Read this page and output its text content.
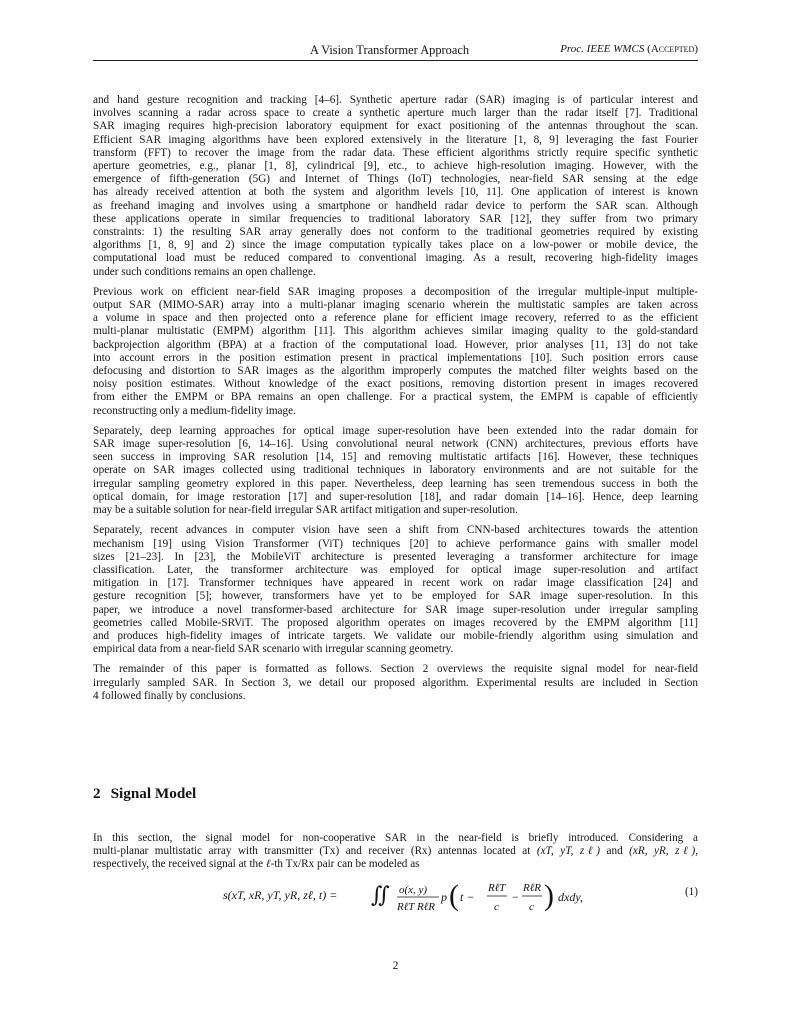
A Vision Transformer Approach	Proc. IEEE WMCS (Accepted)
and hand gesture recognition and tracking [4–6]. Synthetic aperture radar (SAR) imaging is of particular interest and
involves scanning a radar across space to create a synthetic aperture much larger than the radar itself [7]. Traditional
SAR imaging requires high-precision laboratory equipment for exact positioning of the antennas throughout the scan.
Efficient SAR imaging algorithms have been explored extensively in the literature [1, 8, 9] leveraging the fast Fourier
transform (FFT) to recover the image from the radar data. These efficient algorithms strictly require specific synthetic
aperture geometries, e.g., planar [1, 8], cylindrical [9], etc., to achieve high-resolution imaging. However, with the
emergence of fifth-generation (5G) and Internet of Things (IoT) technologies, near-field SAR sensing at the edge
has already received attention at both the system and algorithm levels [10, 11]. One application of interest is known
as freehand imaging and involves using a smartphone or handheld radar device to perform the SAR scan. Although
these applications operate in similar frequencies to traditional laboratory SAR [12], they suffer from two primary
constraints: 1) the resulting SAR array generally does not conform to the traditional geometries required by existing
algorithms [1, 8, 9] and 2) since the image computation typically takes place on a low-power or mobile device, the
computational load must be reduced compared to conventional imaging. As a result, recovering high-fidelity images
under such conditions remains an open challenge.
Previous work on efficient near-field SAR imaging proposes a decomposition of the irregular multiple-input multiple-
output SAR (MIMO-SAR) array into a multi-planar imaging scenario wherein the multistatic samples are taken across
a volume in space and then projected onto a reference plane for efficient image recovery, referred to as the efficient
multi-planar multistatic (EMPM) algorithm [11]. This algorithm achieves similar imaging quality to the gold-standard
backprojection algorithm (BPA) at a fraction of the computational load. However, prior analyses [11, 13] do not take
into account errors in the position estimation present in practical implementations [10]. Such position errors cause
defocusing and distortion to SAR images as the algorithm improperly computes the matched filter weights based on the
noisy position estimates. Without knowledge of the exact positions, removing distortion present in images recovered
from either the EMPM or BPA remains an open challenge. For a practical system, the EMPM is capable of efficiently
reconstructing only a medium-fidelity image.
Separately, deep learning approaches for optical image super-resolution have been extended into the radar domain for
SAR image super-resolution [6, 14–16]. Using convolutional neural network (CNN) architectures, previous efforts have
seen success in improving SAR resolution [14, 15] and removing multistatic artifacts [16]. However, these techniques
operate on SAR images collected using traditional techniques in laboratory environments and are not suitable for the
irregular sampling geometry explored in this paper. Nevertheless, deep learning has seen tremendous success in both the
optical domain, for image restoration [17] and super-resolution [18], and radar domain [14–16]. Hence, deep learning
may be a suitable solution for near-field irregular SAR artifact mitigation and super-resolution.
Separately, recent advances in computer vision have seen a shift from CNN-based architectures towards the attention
mechanism [19] using Vision Transformer (ViT) techniques [20] to achieve performance gains with smaller model
sizes [21–23]. In [23], the MobileViT architecture is presented leveraging a transformer architecture for image
classification. Later, the transformer architecture was employed for optical image super-resolution and artifact
mitigation in [17]. Transformer techniques have appeared in recent work on radar image classification [24] and
gesture recognition [5]; however, transformers have yet to be employed for SAR image super-resolution. In this
paper, we introduce a novel transformer-based architecture for SAR image super-resolution under irregular sampling
geometries called Mobile-SRViT. The proposed algorithm operates on images recovered by the EMPM algorithm [11]
and produces high-fidelity images of intricate targets. We validate our mobile-friendly algorithm using simulation and
empirical data from a near-field SAR scenario with irregular scanning geometry.
The remainder of this paper is formatted as follows. Section 2 overviews the requisite signal model for near-field
irregularly sampled SAR. In Section 3, we detail our proposed algorithm. Experimental results are included in Section
4 followed finally by conclusions.
2 Signal Model
In this section, the signal model for non-cooperative SAR in the near-field is briefly introduced. Considering a
multi-planar multistatic array with transmitter (Tx) and receiver (Rx) antennas located at (xT, yT, zℓ) and (xR, yR, zℓ),
respectively, the received signal at the ℓ-th Tx/Rx pair can be modeled as
s(xT, xR, yT, yR, zℓ, t) = ∬ o(x, y)
RℓT RℓR
p ( t −
RℓT
c
−
RℓR
c ) dxdy,	(1)
2
